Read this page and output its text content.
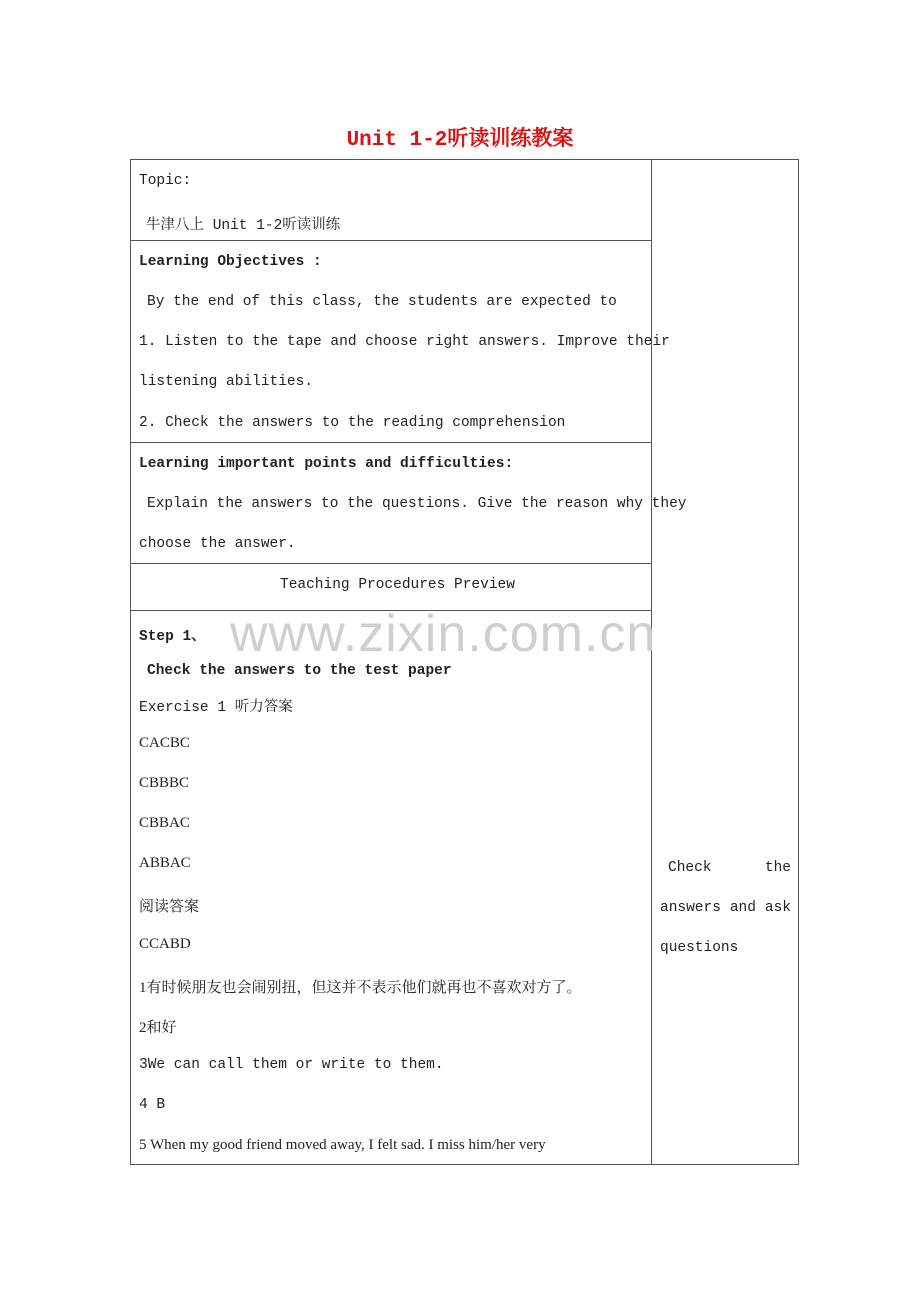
Unit 1-2听读训练教案
Topic:
牛津八上 Unit 1-2听读训练
Learning Objectives :
By the end of this class, the students are expected to
1. Listen to the tape and choose right answers. Improve their
listening abilities.
2. Check the answers to the reading comprehension
Learning important points and difficulties:
Explain the answers to the questions. Give the reason why they
choose the answer.
Teaching Procedures Preview
www.zixin.com.cn
Step 1、
Check the answers to the test paper
Exercise 1 听力答案
CACBC
CBBBC
CBBAC
ABBAC
阅读答案
CCABD
1有时候朋友也会闹别扭，但这并不表示他们就再也不喜欢对方了。
2和好
3We can call them or write to them.
4 B
5 When my good friend moved away, I felt sad. I miss him/her very
Check	the
answers and ask
questions
